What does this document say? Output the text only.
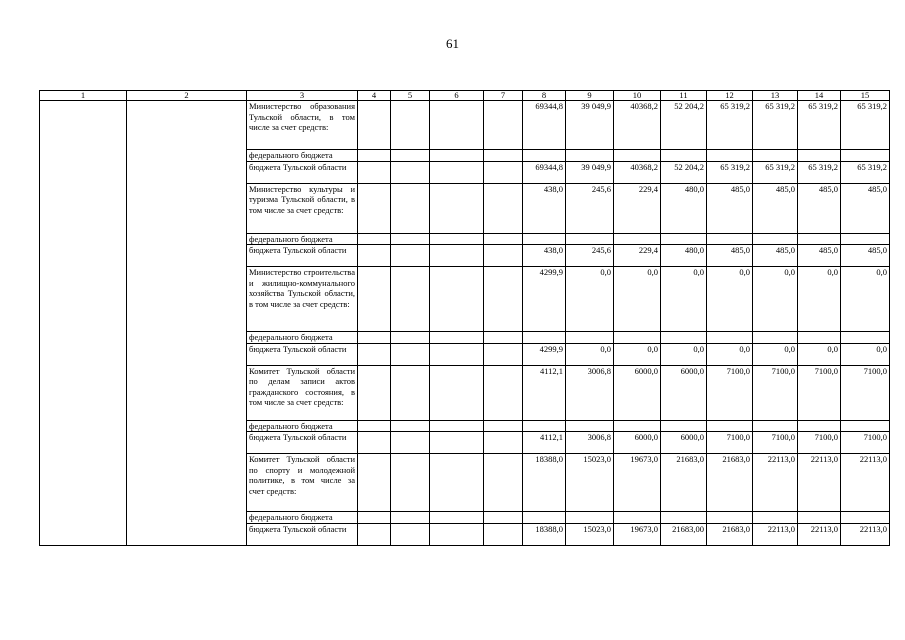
61
1	2	3	4	5	6	7	8	9	10	11	12	13	14	15
		Министерство образования Тульской области, в том числе за счет средств:					69344,8	39 049,9	40368,2	52 204,2	65 319,2	65 319,2	65 319,2	65 319,2
		федерального бюджета												
		бюджета Тульской области					69344,8	39 049,9	40368,2	52 204,2	65 319,2	65 319,2	65 319,2	65 319,2
		Министерство культуры и туризма Тульской области, в том числе за счет средств:					438,0	245,6	229,4	480,0	485,0	485,0	485,0	485,0
		федерального бюджета												
		бюджета Тульской области					438,0	245,6	229,4	480,0	485,0	485,0	485,0	485,0
		Министерство строительства и жилищно-коммунального хозяйства Тульской области, в том числе за счет средств:					4299,9	0,0	0,0	0,0	0,0	0,0	0,0	0,0
		федерального бюджета												
		бюджета Тульской области					4299,9	0,0	0,0	0,0	0,0	0,0	0,0	0,0
		Комитет Тульской области по делам записи актов гражданского состояния, в том числе за счет средств:					4112,1	3006,8	6000,0	6000,0	7100,0	7100,0	7100,0	7100,0
		федерального бюджета												
		бюджета Тульской области					4112,1	3006,8	6000,0	6000,0	7100,0	7100,0	7100,0	7100,0
		Комитет Тульской области по спорту и молодежной политике, в том числе за счет средств:					18388,0	15023,0	19673,0	21683,0	21683,0	22113,0	22113,0	22113,0
		федерального бюджета												
		бюджета Тульской области					18388,0	15023,0	19673,0	21683,00	21683,0	22113,0	22113,0	22113,0
